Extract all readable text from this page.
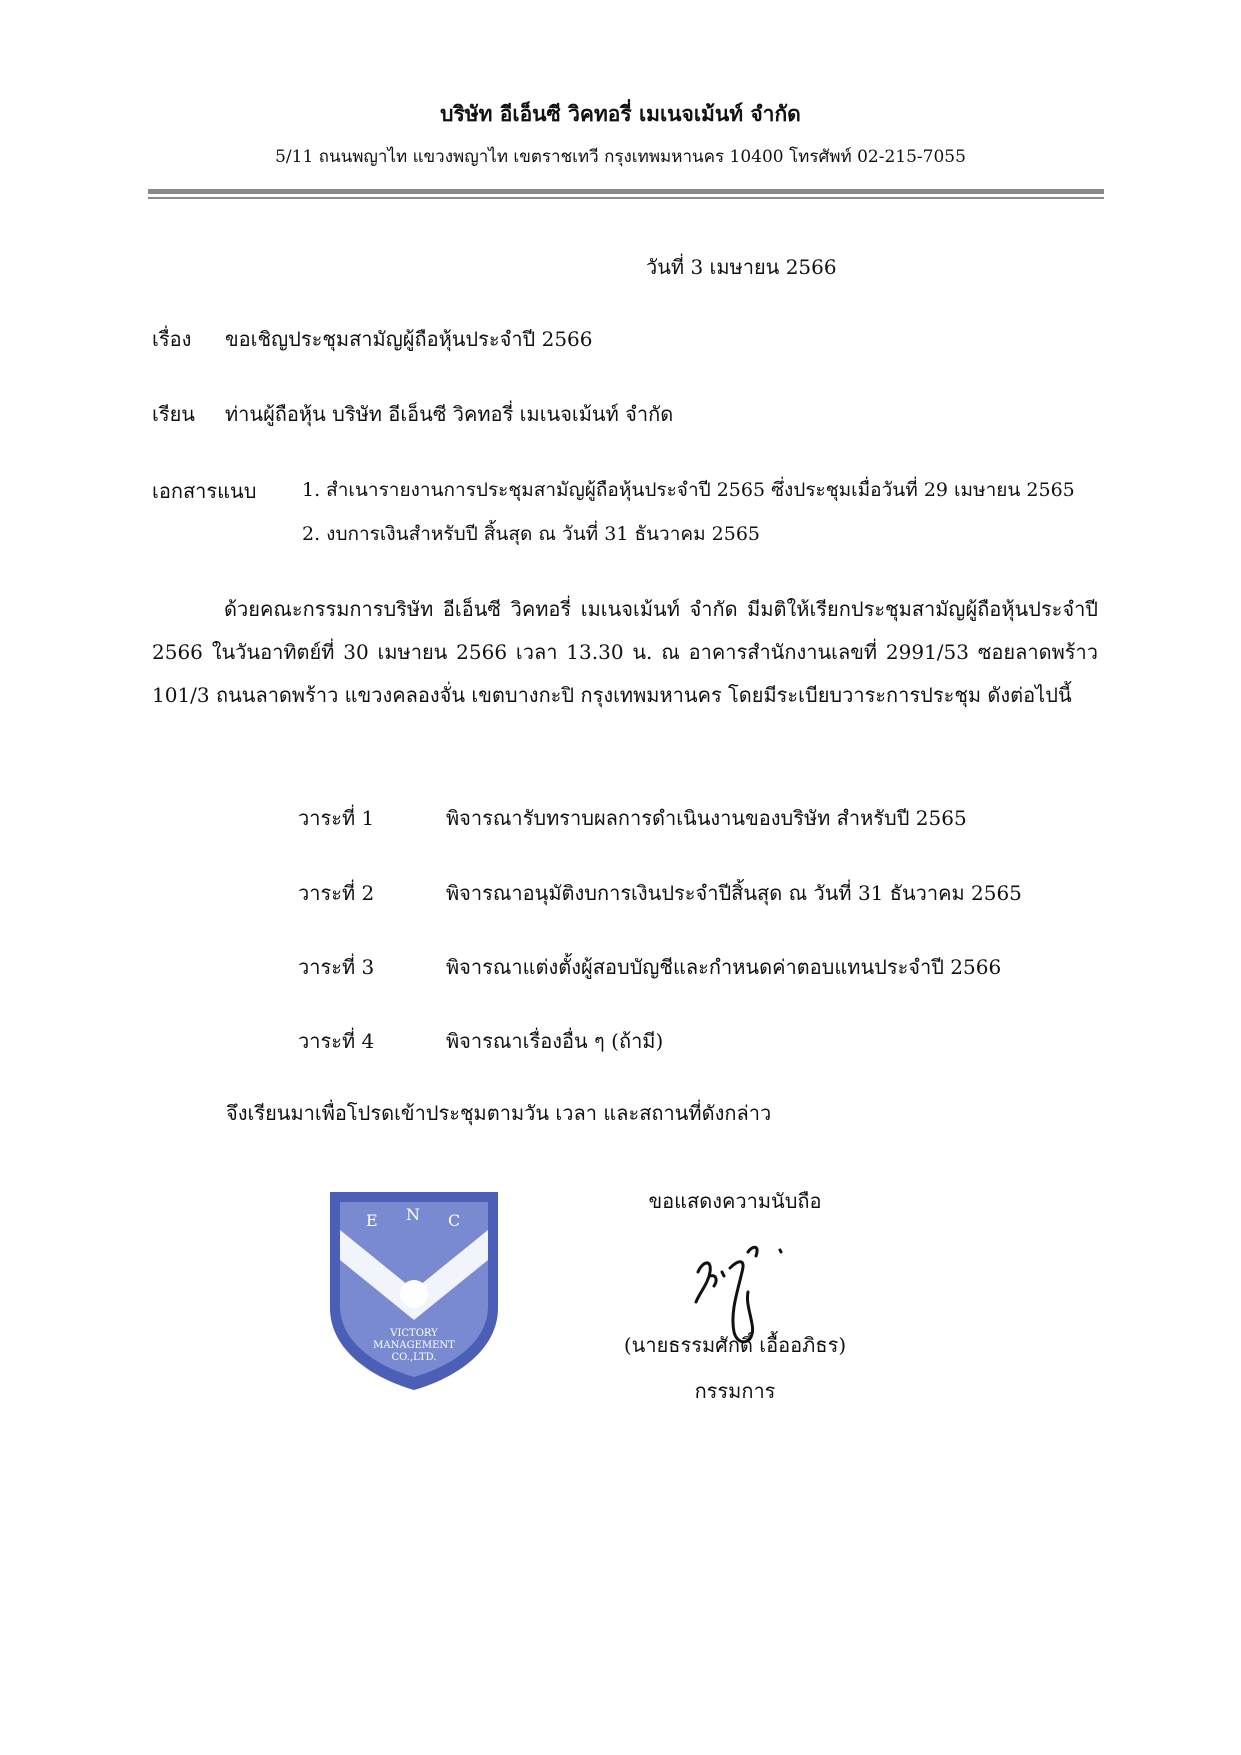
บริษัท อีเอ็นซี วิคทอรี่ เมเนจเม้นท์ จำกัด
5/11 ถนนพญาไท แขวงพญาไท เขตราชเทวี กรุงเทพมหานคร 10400 โทรศัพท์ 02-215-7055
วันที่ 3 เมษายน 2566
เรื่อง ขอเชิญประชุมสามัญผู้ถือหุ้นประจำปี 2566
เรียน ท่านผู้ถือหุ้น บริษัท อีเอ็นซี วิคทอรี่ เมเนจเม้นท์ จำกัด
เอกสารแนบ 1. สำเนารายงานการประชุมสามัญผู้ถือหุ้นประจำปี 2565 ซึ่งประชุมเมื่อวันที่ 29 เมษายน 2565
2. งบการเงินสำหรับปี สิ้นสุด ณ วันที่ 31 ธันวาคม 2565

ด้วยคณะกรรมการบริษัท อีเอ็นซี วิคทอรี่ เมเนจเม้นท์ จำกัด มีมติให้เรียกประชุมสามัญผู้ถือหุ้นประจำปี 2566 ในวันอาทิตย์ที่ 30 เมษายน 2566 เวลา 13.30 น. ณ อาคารสำนักงานเลขที่ 2991/53 ซอยลาดพร้าว 101/3 ถนนลาดพร้าว แขวงคลองจั่น เขตบางกะปิ กรุงเทพมหานคร โดยมีระเบียบวาระการประชุม ดังต่อไปนี้

วาระที่ 1	พิจารณารับทราบผลการดำเนินงานของบริษัท สำหรับปี 2565
วาระที่ 2	พิจารณาอนุมัติงบการเงินประจำปีสิ้นสุด ณ วันที่ 31 ธันวาคม 2565
วาระที่ 3	พิจารณาแต่งตั้งผู้สอบบัญชีและกำหนดค่าตอบแทนประจำปี 2566
วาระที่ 4	พิจารณาเรื่องอื่น ๆ (ถ้ามี)
จึงเรียนมาเพื่อโปรดเข้าประชุมตามวัน เวลา และสถานที่ดังกล่าว
E N C
VICTORY
MANAGEMENT
CO.,LTD.
ขอแสดงความนับถือ
(นายธรรมศักดิ์ เอื้ออภิธร)
กรรมการ
